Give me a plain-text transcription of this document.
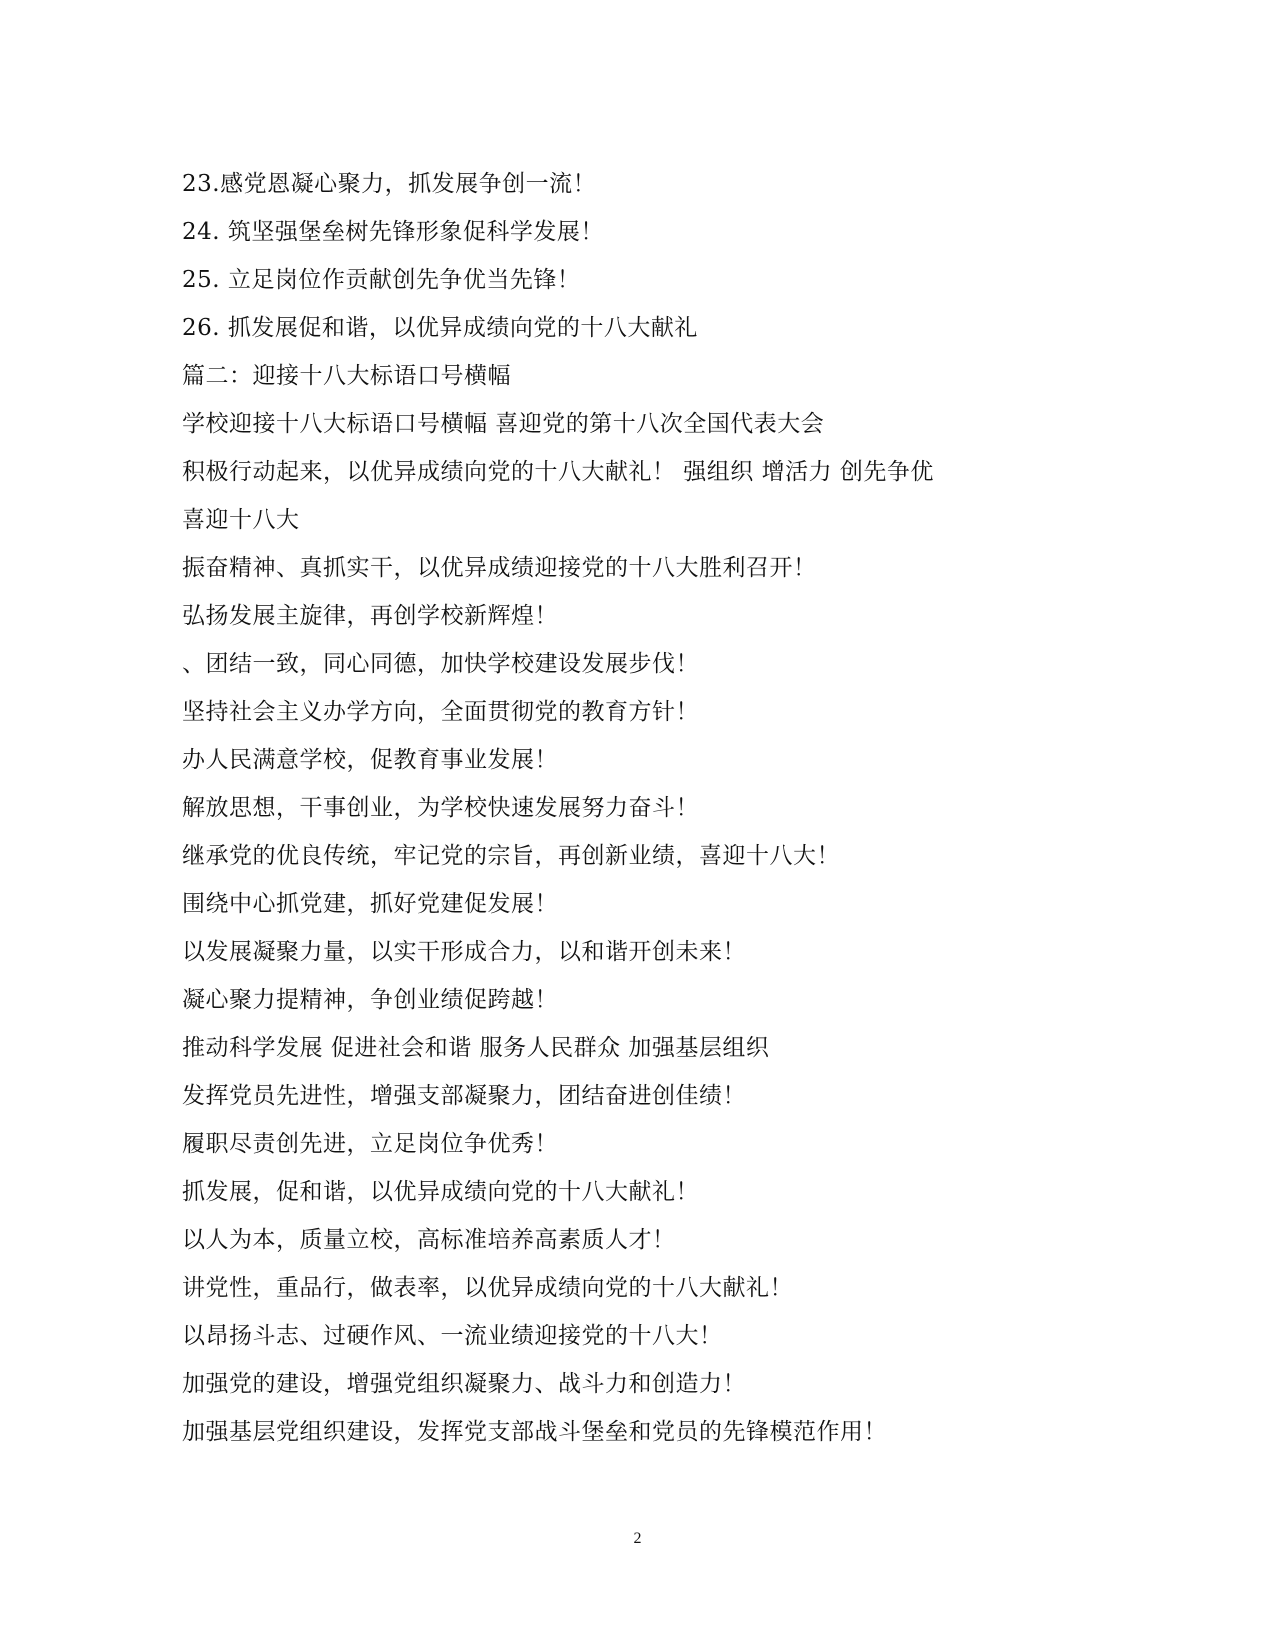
23.感党恩凝心聚力，抓发展争创一流！
24. 筑坚强堡垒树先锋形象促科学发展！
25. 立足岗位作贡献创先争优当先锋！
26. 抓发展促和谐，以优异成绩向党的十八大献礼
篇二：迎接十八大标语口号横幅
学校迎接十八大标语口号横幅 喜迎党的第十八次全国代表大会
积极行动起来，以优异成绩向党的十八大献礼！ 强组织 增活力 创先争优
喜迎十八大
振奋精神、真抓实干，以优异成绩迎接党的十八大胜利召开！
弘扬发展主旋律，再创学校新辉煌！
、团结一致，同心同德，加快学校建设发展步伐！
坚持社会主义办学方向，全面贯彻党的教育方针！
办人民满意学校，促教育事业发展！
解放思想，干事创业，为学校快速发展努力奋斗！
继承党的优良传统，牢记党的宗旨，再创新业绩，喜迎十八大！
围绕中心抓党建，抓好党建促发展！
以发展凝聚力量，以实干形成合力，以和谐开创未来！
凝心聚力提精神，争创业绩促跨越！
推动科学发展 促进社会和谐 服务人民群众 加强基层组织
发挥党员先进性，增强支部凝聚力，团结奋进创佳绩！
履职尽责创先进，立足岗位争优秀！
抓发展，促和谐，以优异成绩向党的十八大献礼！
以人为本，质量立校，高标准培养高素质人才！
讲党性，重品行，做表率，以优异成绩向党的十八大献礼！
以昂扬斗志、过硬作风、一流业绩迎接党的十八大！
加强党的建设，增强党组织凝聚力、战斗力和创造力！
加强基层党组织建设，发挥党支部战斗堡垒和党员的先锋模范作用！
2
